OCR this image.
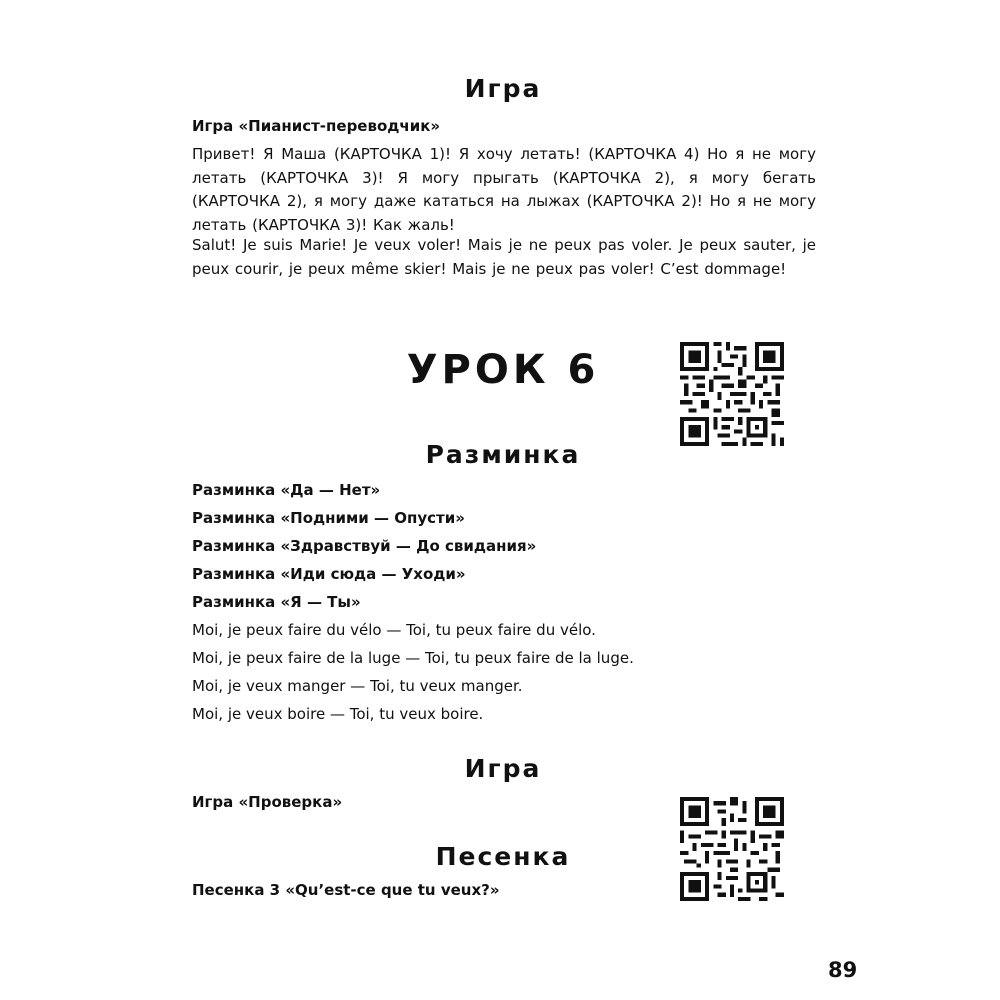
Игра
Игра «Пианист-переводчик»
Привет! Я Маша (КАРТОЧКА 1)! Я хочу летать! (КАРТОЧКА 4) Но я не могу летать (КАРТОЧКА 3)! Я могу прыгать (КАРТОЧКА 2), я могу бегать (КАРТОЧКА 2), я могу даже кататься на лыжах (КАРТОЧКА 2)! Но я не могу летать (КАРТОЧКА 3)! Как жаль!
Salut! Je suis Marie! Je veux voler! Mais je ne peux pas voler. Je peux sauter, je peux courir, je peux même skier! Mais je ne peux pas voler! C’est dommage!
УРОК 6
Разминка
Разминка «Да — Нет»
Разминка «Подними — Опусти»
Разминка «Здравствуй — До свидания»
Разминка «Иди сюда — Уходи»
Разминка «Я — Ты»
Moi, je peux faire du vélo — Toi, tu peux faire du vélo.
Moi, je peux faire de la luge — Toi, tu peux faire de la luge.
Moi, je veux manger — Toi, tu veux manger.
Moi, je veux boire — Toi, tu veux boire.
Игра
Игра «Проверка»
Песенка
Песенка 3 «Qu’est-ce que tu veux?»
89
